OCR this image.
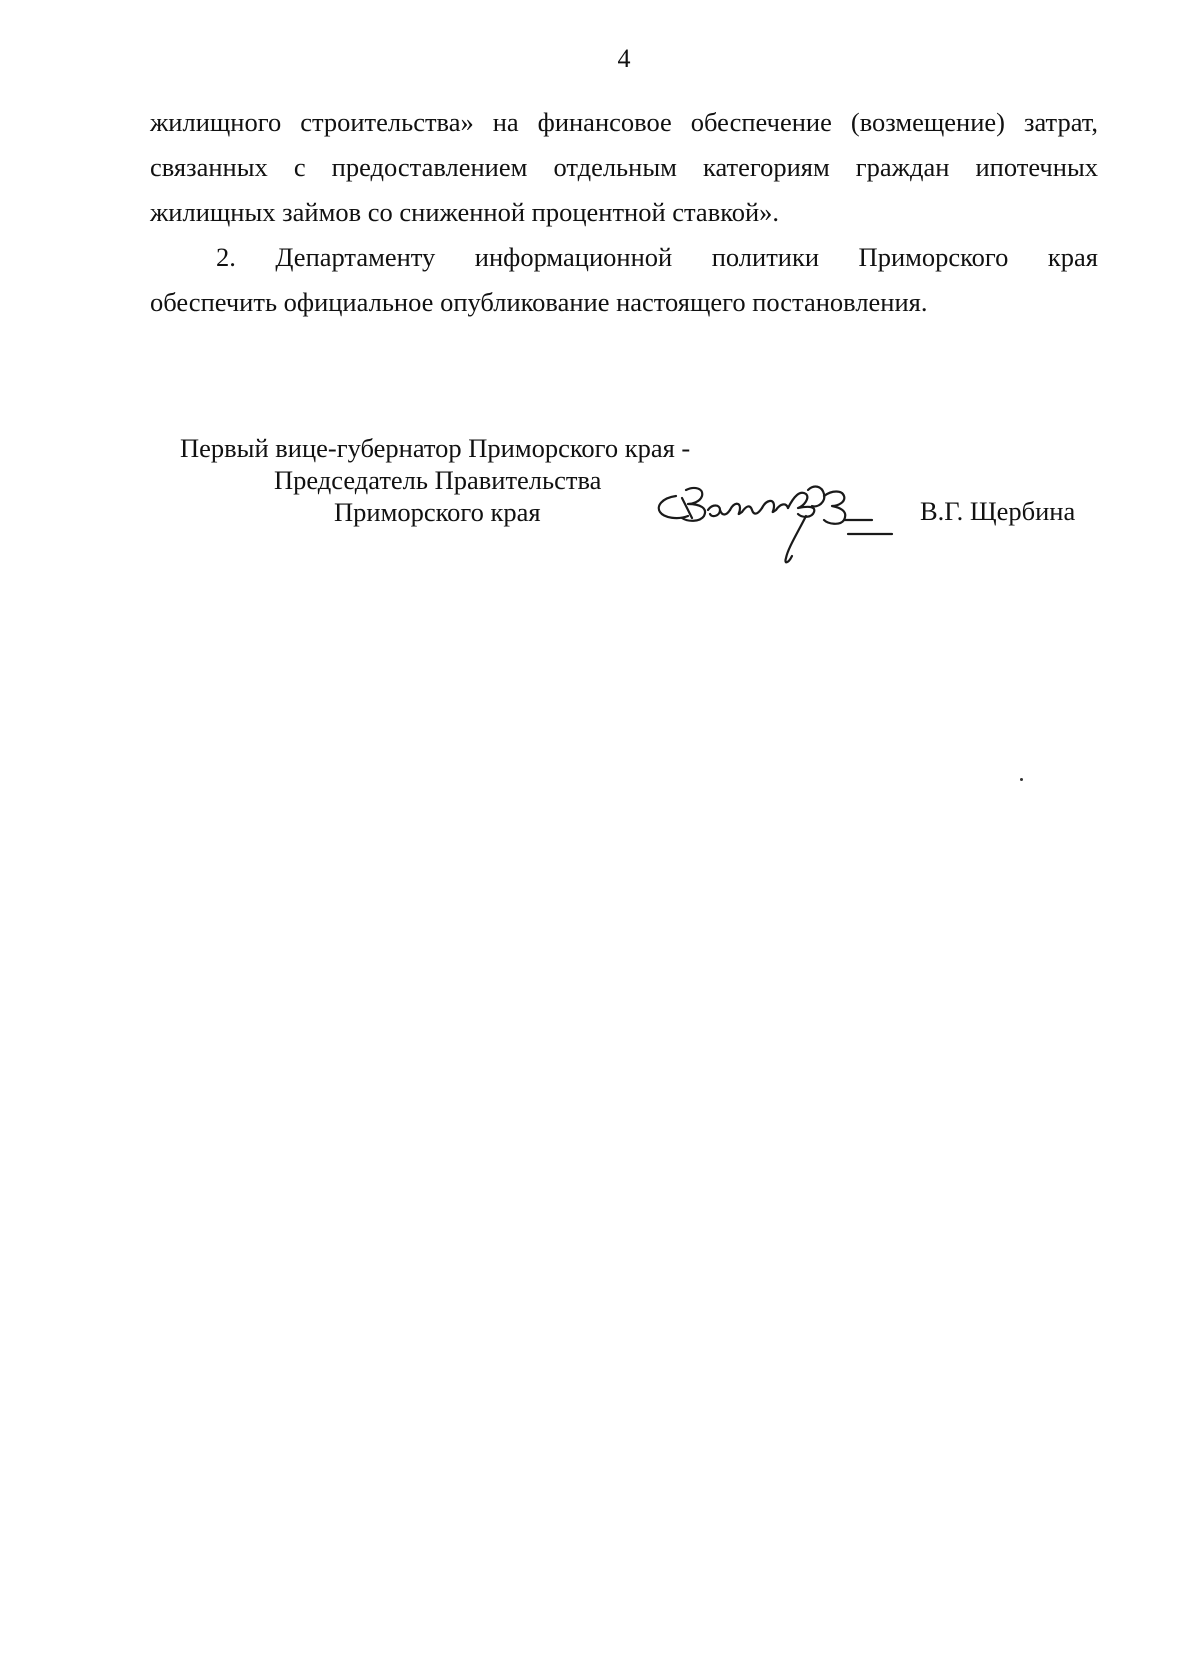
4
жилищного строительства» на финансовое обеспечение (возмещение) затрат,
связанных с предоставлением отдельным категориям граждан ипотечных
жилищных займов со сниженной процентной ставкой».
2. Департаменту информационной политики Приморского края
обеспечить официальное опубликование настоящего постановления.
Первый вице-губернатор Приморского края -
Председатель Правительства
Приморского края	В.Г. Щербина
